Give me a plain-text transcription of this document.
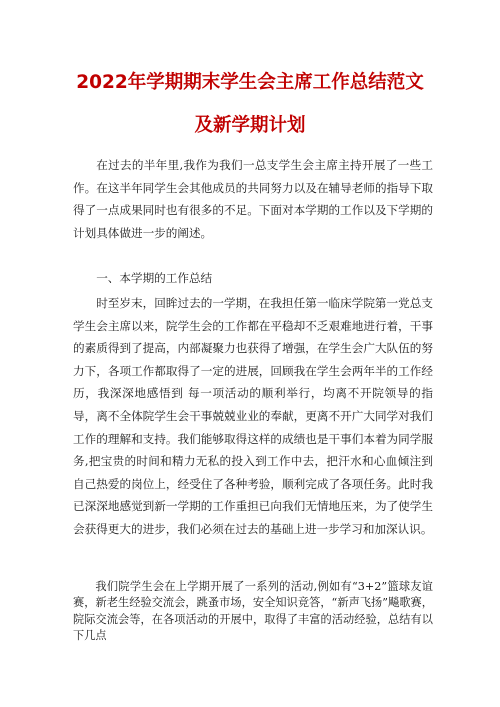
2022年学期期末学生会主席工作总结范文
及新学期计划

在过去的半年里,我作为我们一总支学生会主席主持开展了一些工作。在这半年同学生会其他成员的共同努力以及在辅导老师的指导下取得了一点成果同时也有很多的不足。下面对本学期的工作以及下学期的计划具体做进一步的阐述。

一、本学期的工作总结

时至岁末，回眸过去的一学期，在我担任第一临床学院第一党总支学生会主席以来，院学生会的工作都在平稳却不乏艰难地进行着，干事的素质得到了提高，内部凝聚力也获得了增强，在学生会广大队伍的努力下，各项工作都取得了一定的进展，回顾我在学生会两年半的工作经历，我深深地感悟到 每一项活动的顺利举行，均离不开院领导的指导，离不全体院学生会干事兢兢业业的奉献，更离不开广大同学对我们工作的理解和支持。我们能够取得这样的成绩也是干事们本着为同学服务,把宝贵的时间和精力无私的投入到工作中去，把汗水和心血倾注到自己热爱的岗位上，经受住了各种考验，顺利完成了各项任务。此时我已深深地感觉到新一学期的工作重担已向我们无情地压来，为了使学生会获得更大的进步，我们必须在过去的基础上进一步学习和加深认识。

我们院学生会在上学期开展了一系列的活动,例如有“3+2”篮球友谊赛，新老生经验交流会，跳蚤市场，安全知识竞答，“新声飞扬”飚歌赛，院际交流会等，在各项活动的开展中，取得了丰富的活动经验，总结有以下几点
